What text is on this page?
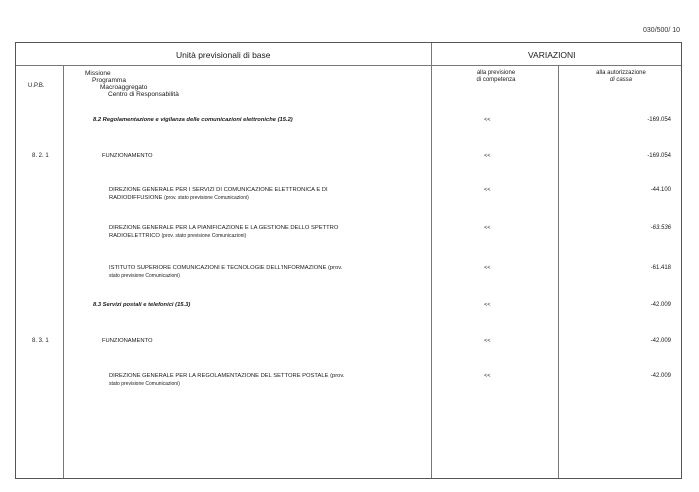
030/500/ 10
Unità previsionali di base	VARIAZIONI
U.P.B.
Missione
Programma
Macroaggregato
Centro di Responsabilità
alla previsione
di competenza
alla autorizzazione
di cassa
8.2 Regolamentazione e vigilanza delle comunicazioni elettroniche (15.2)	<<	-169.054
8. 2. 1	FUNZIONAMENTO	<<	-169.054
DIREZIONE GENERALE PER I SERVIZI DI COMUNICAZIONE ELETTRONICA E DI
RADIODIFFUSIONE (prov. stato previsione Comunicazioni)
<<	-44.100
DIREZIONE GENERALE PER LA PIANIFICAZIONE E LA GESTIONE DELLO SPETTRO
RADIOELETTRICO (prov. stato previsione Comunicazioni)
<<	-63.536
ISTITUTO SUPERIORE COMUNICAZIONI E TECNOLOGIE DELL'INFORMAZIONE (prov.
stato previsione Comunicazioni)
<<	-61.418
8.3 Servizi postali e telefonici (15.3)	<<	-42.009
8. 3. 1	FUNZIONAMENTO	<<	-42.009
DIREZIONE GENERALE PER LA REGOLAMENTAZIONE DEL SETTORE POSTALE (prov.
stato previsione Comunicazioni)
<<	-42.009
